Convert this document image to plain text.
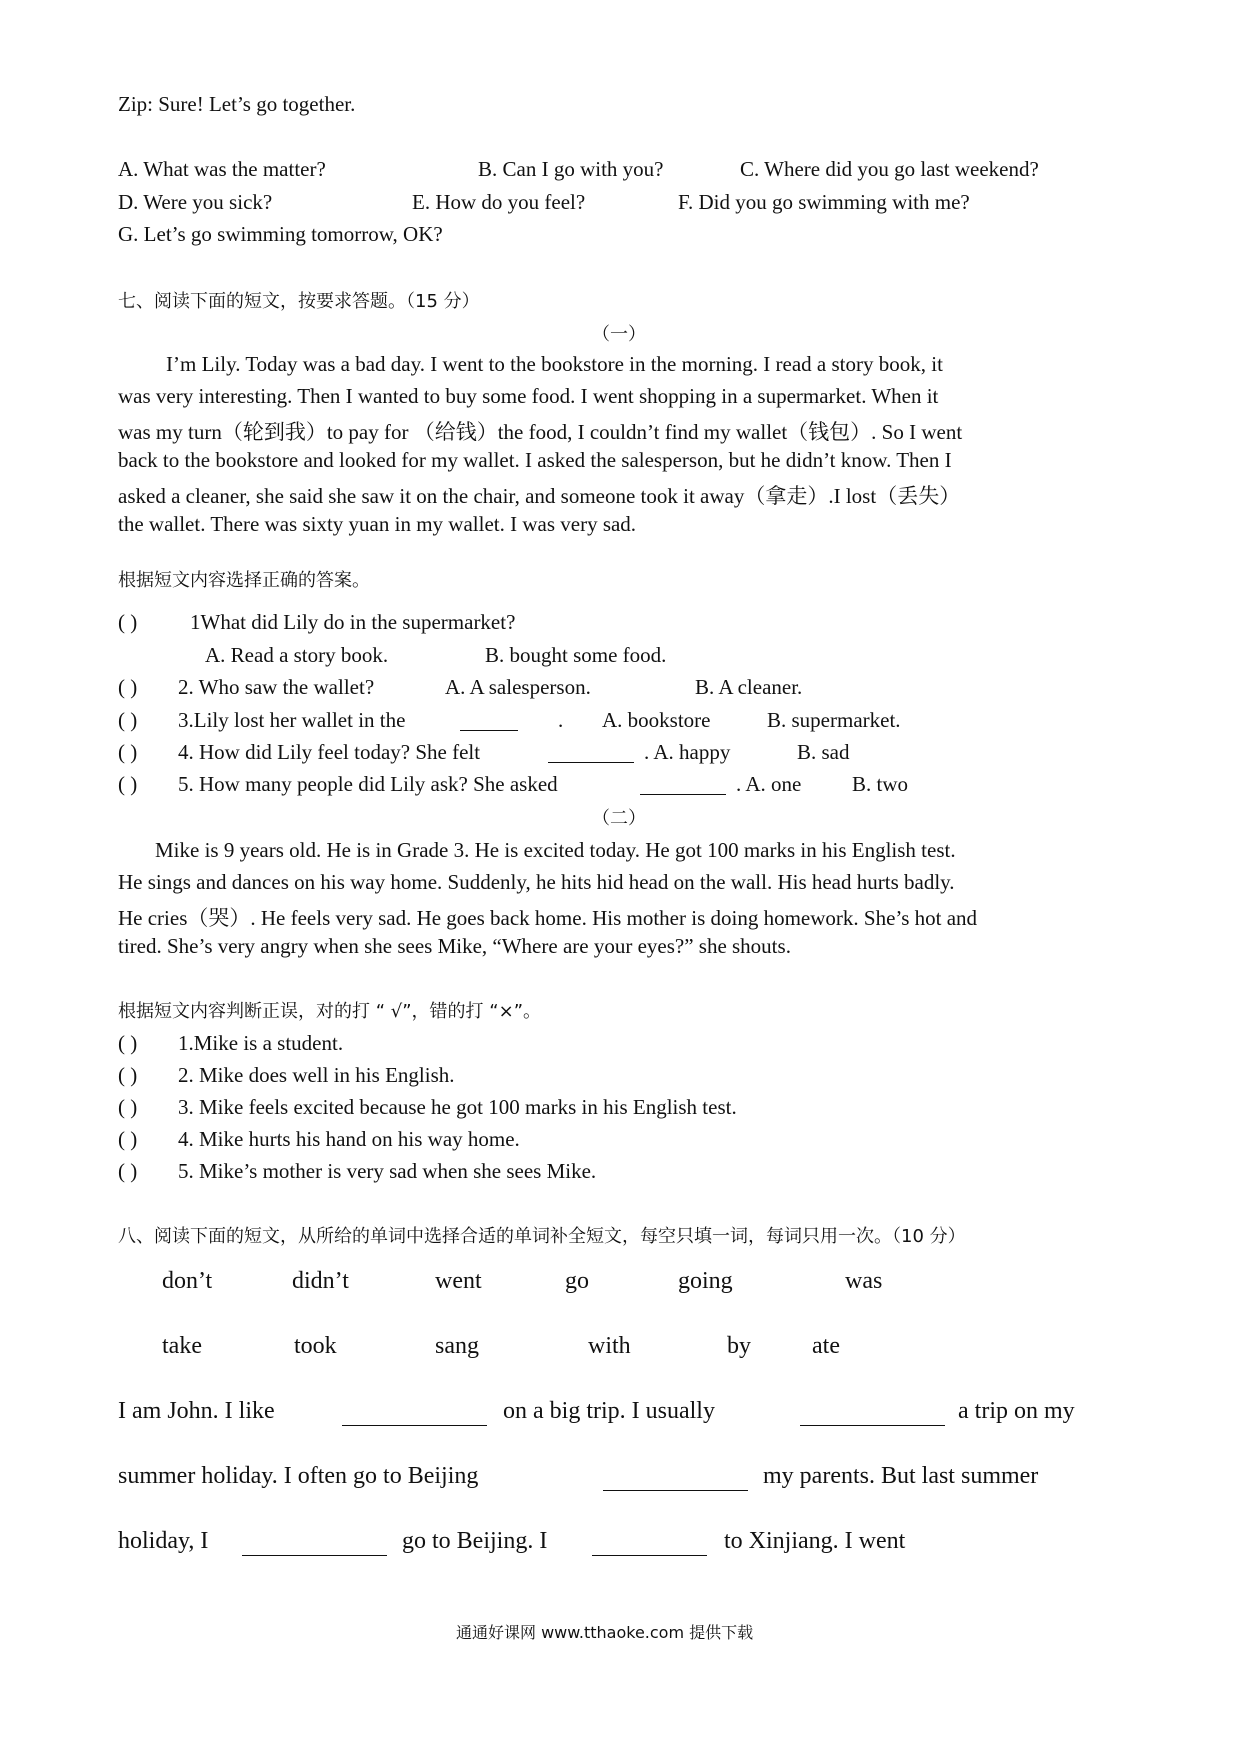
Zip: Sure! Let’s go together.
A. What was the matter?	B. Can I go with you?	C. Where did you go last weekend?
D. Were you sick?	E. How do you feel?	F. Did you go swimming with me?
G. Let’s go swimming tomorrow, OK?
七、阅读下面的短文，按要求答题。（15 分）
（一）
I’m Lily. Today was a bad day. I went to the bookstore in the morning. I read a story book, it
was very interesting. Then I wanted to buy some food. I went shopping in a supermarket. When it
was my turn（轮到我）to pay for （给钱）the food, I couldn’t find my wallet（钱包）. So I went
back to the bookstore and looked for my wallet. I asked the salesperson, but he didn’t know. Then I
asked a cleaner, she said she saw it on the chair, and someone took it away（拿走）.I lost（丢失）
the wallet. There was sixty yuan in my wallet. I was very sad.
根据短文内容选择正确的答案。
( )	1What did Lily do in the supermarket?
A. Read a story book.	B. bought some food.
( ) 2. Who saw the wallet?	A. A salesperson.	B. A cleaner.
( ) 3.Lily lost her wallet in the	. A. bookstore	B. supermarket.
( ) 4. How did Lily feel today? She felt	. A. happy	B. sad
( ) 5. How many people did Lily ask? She asked	. A. one B. two
（二）
Mike is 9 years old. He is in Grade 3. He is excited today. He got 100 marks in his English test.
He sings and dances on his way home. Suddenly, he hits hid head on the wall. His head hurts badly.
He cries（哭）. He feels very sad. He goes back home. His mother is doing homework. She’s hot and
tired. She’s very angry when she sees Mike, “Where are your eyes?” she shouts.
根据短文内容判断正误，对的打 “ √”，错的打 “×”。
( ) 1.Mike is a student.
( ) 2. Mike does well in his English.
( ) 3. Mike feels excited because he got 100 marks in his English test.
( ) 4. Mike hurts his hand on his way home.
( ) 5. Mike’s mother is very sad when she sees Mike.
八、阅读下面的短文，从所给的单词中选择合适的单词补全短文，每空只填一词，每词只用一次。（10 分）
don’t	didn’t	went	go	going	was
take	took	sang	with	by	ate
I am John. I like	on a big trip. I usually	a trip on my
summer holiday. I often go to Beijing	my parents. But last summer
holiday, I	go to Beijing. I	to Xinjiang. I went
通通好课网 www.tthaoke.com 提供下载
